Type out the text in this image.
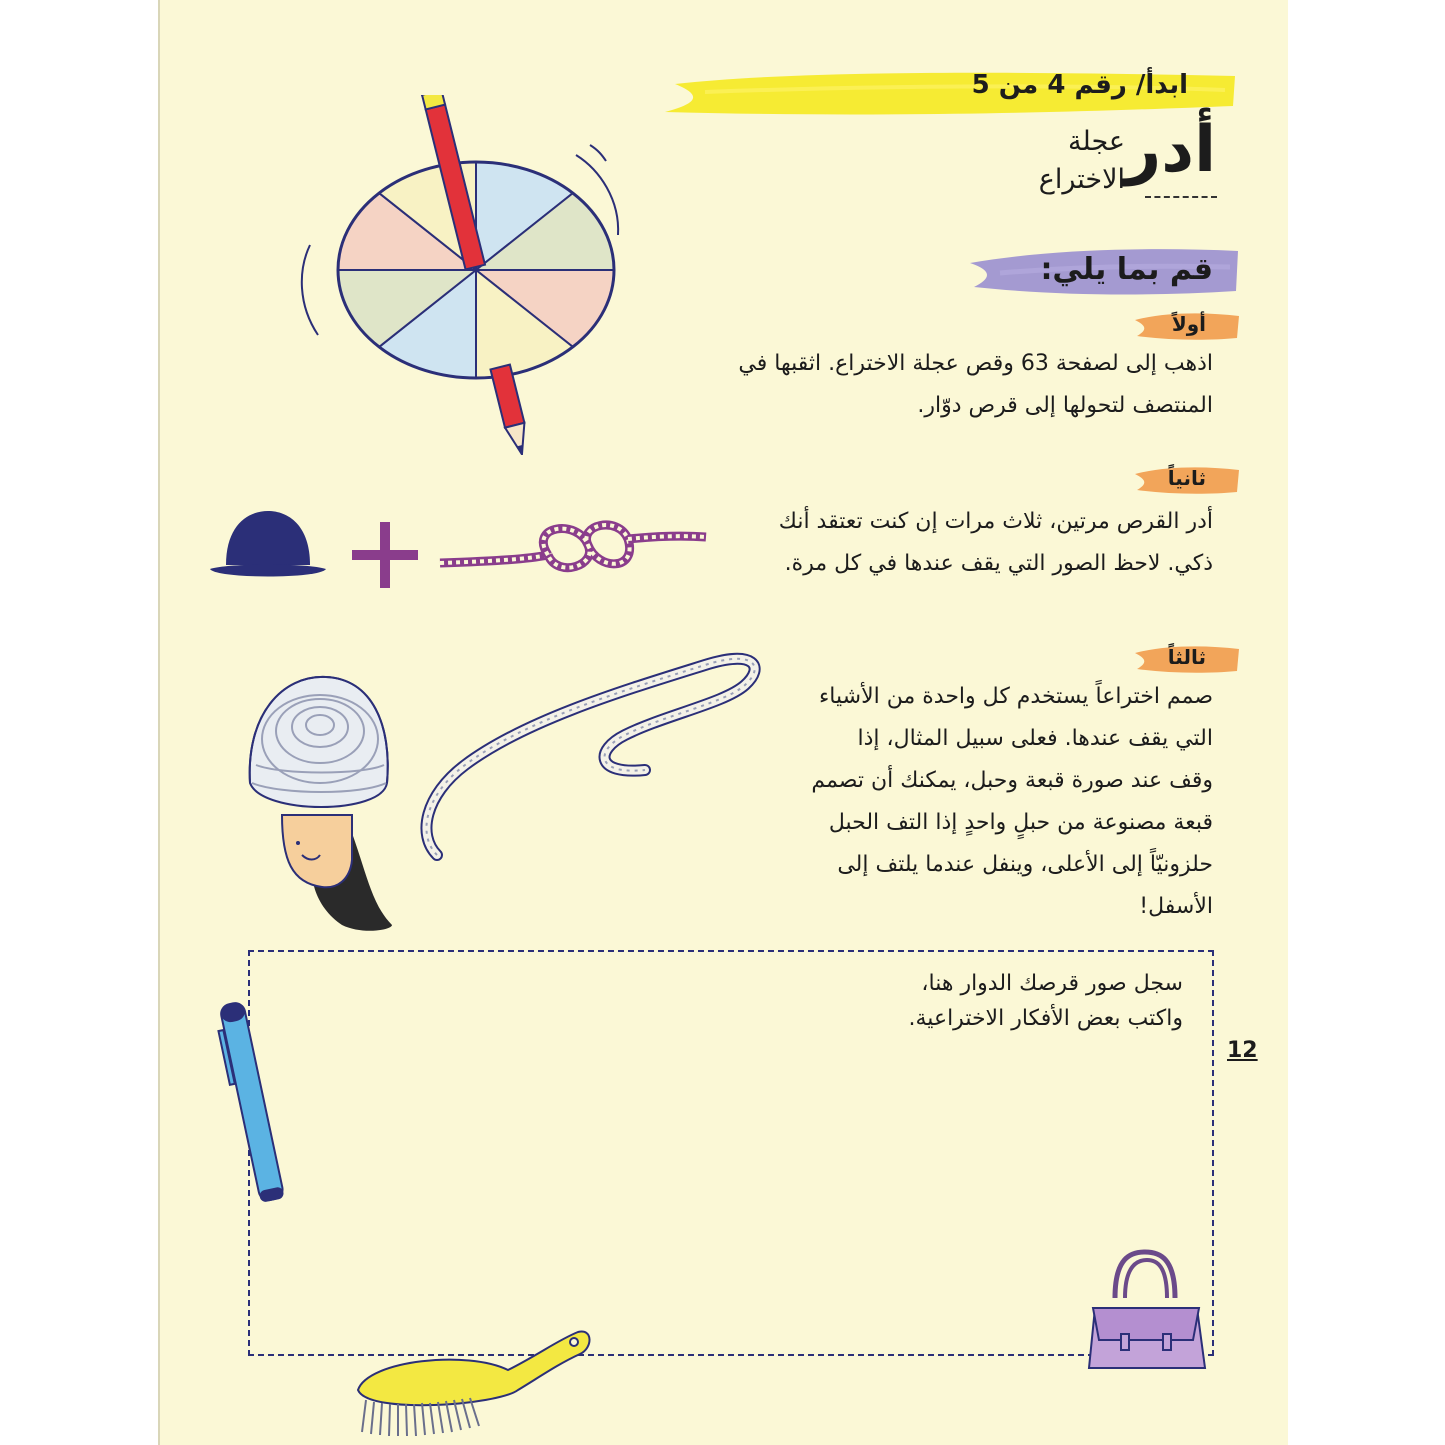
ابدأ/ رقم 4 من 5
أدر
عجلة
الاختراع
قم بما يلي:
أولاً
اذهب إلى لصفحة 63 وقص عجلة الاختراع. اثقبها في
المنتصف لتحولها إلى قرص دوّار.
ثانياً
أدر القرص مرتين، ثلاث مرات إن كنت تعتقد أنك
ذكي. لاحظ الصور التي يقف عندها في كل مرة.
ثالثاً
صمم اختراعاً يستخدم كل واحدة من الأشياء
التي يقف عندها. فعلى سبيل المثال، إذا
وقف عند صورة قبعة وحبل، يمكنك أن تصمم
قبعة مصنوعة من حبلٍ واحدٍ إذا التف الحبل
حلزونيّاً إلى الأعلى، وينفل عندما يلتف إلى
الأسفل!
سجل صور قرصك الدوار هنا،
واكتب بعض الأفكار الاختراعية.
12
